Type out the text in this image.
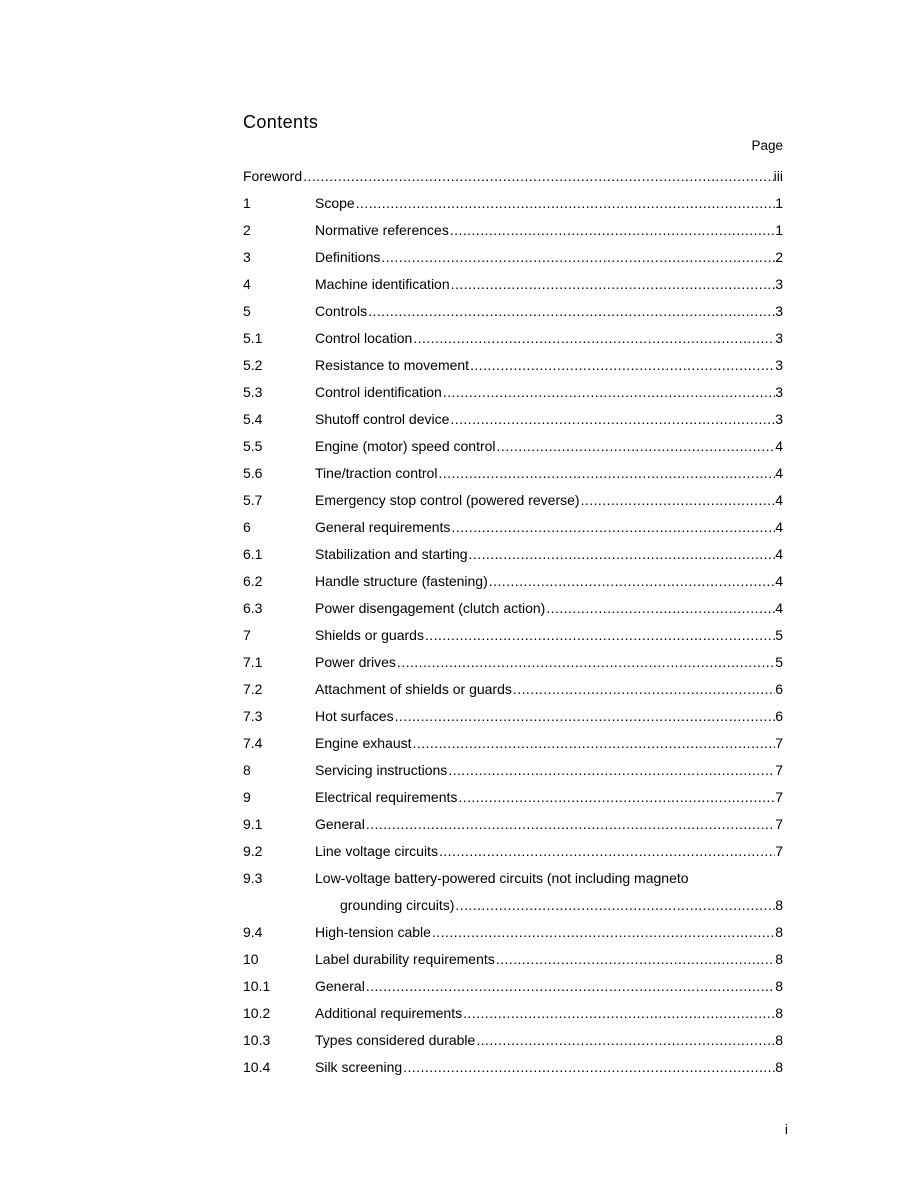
Contents
Page
Foreword .....	iii
1	Scope .....	1
2	Normative references .....	1
3	Definitions .....	2
4	Machine identification .....	3
5	Controls .....	3
5.1	Control location .....	3
5.2	Resistance to movement .....	3
5.3	Control identification .....	3
5.4	Shutoff control device .....	3
5.5	Engine (motor) speed control .....	4
5.6	Tine/traction control .....	4
5.7	Emergency stop control (powered reverse) .....	4
6	General requirements .....	4
6.1	Stabilization and starting .....	4
6.2	Handle structure (fastening) .....	4
6.3	Power disengagement (clutch action) .....	4
7	Shields or guards .....	5
7.1	Power drives .....	5
7.2	Attachment of shields or guards .....	6
7.3	Hot surfaces .....	6
7.4	Engine exhaust .....	7
8	Servicing instructions .....	7
9	Electrical requirements .....	7
9.1	General .....	7
9.2	Line voltage circuits .....	7
9.3	Low-voltage battery-powered circuits (not including magneto
grounding circuits) .....	8
9.4	High-tension cable .....	8
10	Label durability requirements .....	8
10.1	General .....	8
10.2	Additional requirements .....	8
10.3	Types considered durable .....	8
10.4	Silk screening .....	8
i
